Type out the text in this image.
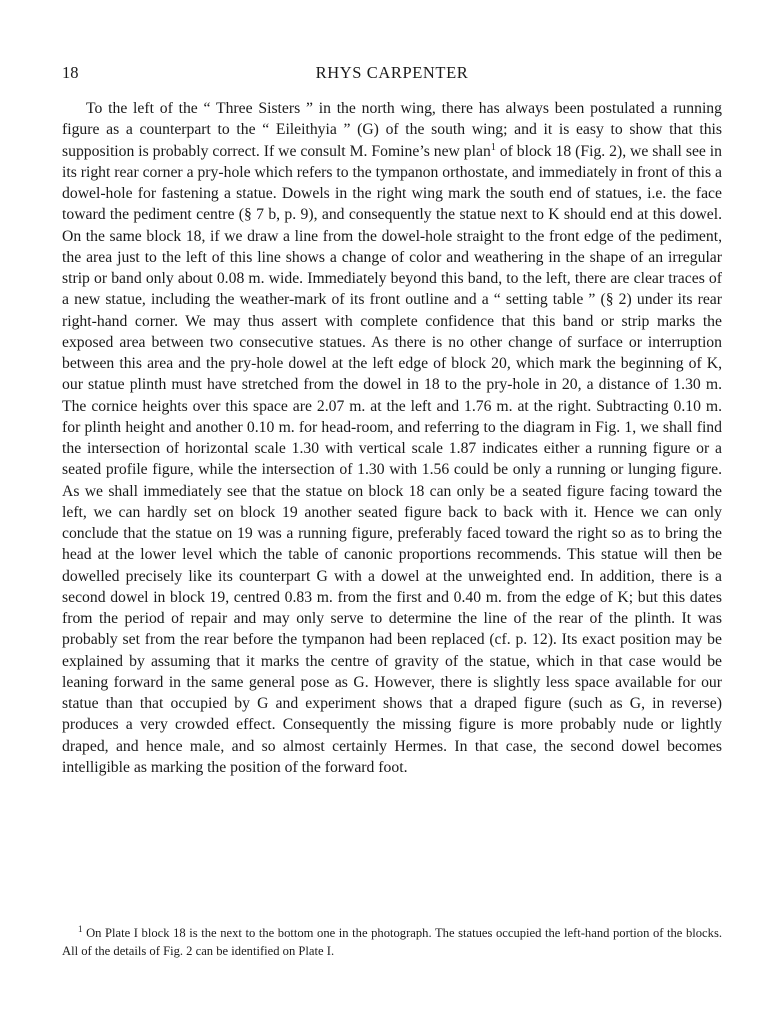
18	RHYS CARPENTER

To the left of the “ Three Sisters ” in the north wing, there has always been postulated a running figure as a counterpart to the “ Eileithyia ” (G) of the south wing; and it is easy to show that this supposition is probably correct. If we consult M. Fomine’s new plan$^1$ of block 18 (Fig. 2), we shall see in its right rear corner a pry-hole which refers to the tympanon orthostate, and immediately in front of this a dowel-hole for fastening a statue. Dowels in the right wing mark the south end of statues, i.e. the face toward the pediment centre (§ 7 b, p. 9), and consequently the statue next to K should end at this dowel. On the same block 18, if we draw a line from the dowel-hole straight to the front edge of the pediment, the area just to the left of this line shows a change of color and weathering in the shape of an irregular strip or band only about 0.08 m. wide. Immediately beyond this band, to the left, there are clear traces of a new statue, including the weather-mark of its front outline and a “ setting table ” (§ 2) under its rear right-hand corner. We may thus assert with complete confidence that this band or strip marks the exposed area between two consecutive statues. As there is no other change of surface or interruption between this area and the pry-hole dowel at the left edge of block 20, which mark the beginning of K, our statue plinth must have stretched from the dowel in 18 to the pry-hole in 20, a distance of 1.30 m. The cornice heights over this space are 2.07 m. at the left and 1.76 m. at the right. Subtracting 0.10 m. for plinth height and another 0.10 m. for head-room, and referring to the diagram in Fig. 1, we shall find the intersection of horizontal scale 1.30 with vertical scale 1.87 indicates either a running figure or a seated profile figure, while the intersection of 1.30 with 1.56 could be only a running or lunging figure. As we shall immediately see that the statue on block 18 can only be a seated figure facing toward the left, we can hardly set on block 19 another seated figure back to back with it. Hence we can only conclude that the statue on 19 was a running figure, preferably faced toward the right so as to bring the head at the lower level which the table of canonic proportions recommends. This statue will then be dowelled precisely like its counterpart G with a dowel at the unweighted end. In addition, there is a second dowel in block 19, centred 0.83 m. from the first and 0.40 m. from the edge of K; but this dates from the period of repair and may only serve to determine the line of the rear of the plinth. It was probably set from the rear before the tympanon had been replaced (cf. p. 12). Its exact position may be explained by assuming that it marks the centre of gravity of the statue, which in that case would be leaning forward in the same general pose as G. However, there is slightly less space available for our statue than that occupied by G and experiment shows that a draped figure (such as G, in reverse) produces a very crowded effect. Consequently the missing figure is more probably nude or lightly draped, and hence male, and so almost certainly Hermes. In that case, the second dowel becomes intelligible as marking the position of the forward foot.

$^1$ On Plate I block 18 is the next to the bottom one in the photograph. The statues occupied the left-hand portion of the blocks. All of the details of Fig. 2 can be identified on Plate I.
